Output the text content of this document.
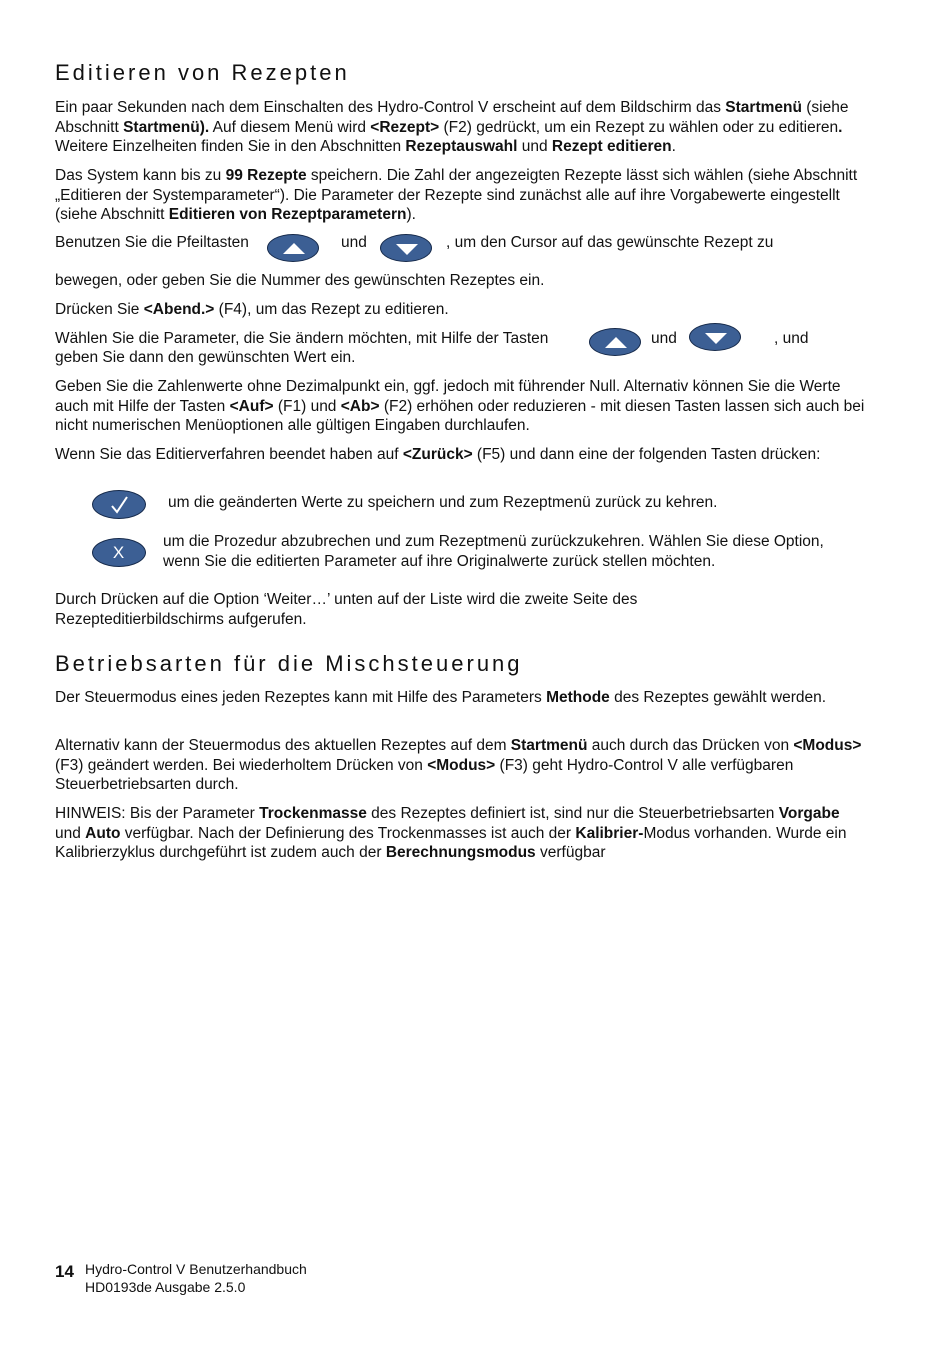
Editieren von Rezepten

Ein paar Sekunden nach dem Einschalten des Hydro-Control V erscheint auf dem Bildschirm das Startmenü (siehe Abschnitt Startmenü). Auf diesem Menü wird <Rezept> (F2) gedrückt, um ein Rezept zu wählen oder zu editieren. Weitere Einzelheiten finden Sie in den Abschnitten Rezeptauswahl und Rezept editieren.

Das System kann bis zu 99 Rezepte speichern. Die Zahl der angezeigten Rezepte lässt sich wählen (siehe Abschnitt „Editieren der Systemparameter“). Die Parameter der Rezepte sind zunächst alle auf ihre Vorgabewerte eingestellt (siehe Abschnitt Editieren von Rezeptparametern).

Benutzen Sie die Pfeiltasten	und	, um den Cursor auf das gewünschte Rezept zu

bewegen, oder geben Sie die Nummer des gewünschten Rezeptes ein.

Drücken Sie <Abend.> (F4), um das Rezept zu editieren.

Wählen Sie die Parameter, die Sie ändern möchten, mit Hilfe der Tasten	und	, und

geben Sie dann den gewünschten Wert ein.

Geben Sie die Zahlenwerte ohne Dezimalpunkt ein, ggf. jedoch mit führender Null. Alternativ können Sie die Werte auch mit Hilfe der Tasten <Auf> (F1) und <Ab> (F2) erhöhen oder reduzieren - mit diesen Tasten lassen sich auch bei nicht numerischen Menüoptionen alle gültigen Eingaben durchlaufen.

Wenn Sie das Editierverfahren beendet haben auf <Zurück> (F5) und dann eine der folgenden Tasten drücken:

um die geänderten Werte zu speichern und zum Rezeptmenü zurück zu kehren.

X

um die Prozedur abzubrechen und zum Rezeptmenü zurückzukehren. Wählen Sie diese Option, wenn Sie die editierten Parameter auf ihre Originalwerte zurück stellen möchten.

Durch Drücken auf die Option ‘Weiter…’ unten auf der Liste wird die zweite Seite des Rezepteditierbildschirms aufgerufen.

Betriebsarten für die Mischsteuerung

Der Steuermodus eines jeden Rezeptes kann mit Hilfe des Parameters Methode des Rezeptes gewählt werden.

Alternativ kann der Steuermodus des aktuellen Rezeptes auf dem Startmenü auch durch das Drücken von <Modus> (F3) geändert werden. Bei wiederholtem Drücken von <Modus> (F3) geht Hydro-Control V alle verfügbaren Steuerbetriebsarten durch.

HINWEIS: Bis der Parameter Trockenmasse des Rezeptes definiert ist, sind nur die Steuerbetriebsarten Vorgabe und Auto verfügbar. Nach der Definierung des Trockenmasses ist auch der Kalibrier-Modus vorhanden. Wurde ein Kalibrierzyklus durchgeführt ist zudem auch der Berechnungsmodus verfügbar

14 Hydro-Control V Benutzerhandbuch
HD0193de Ausgabe 2.5.0
